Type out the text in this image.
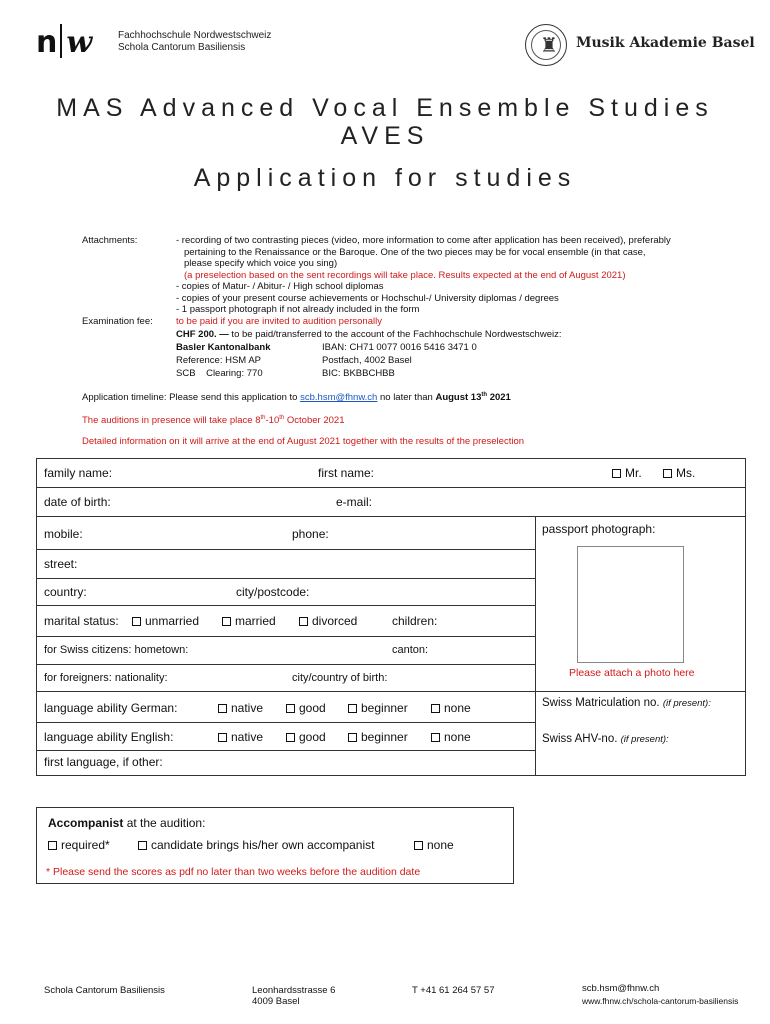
n w	Fachhochschule Nordwestschweiz
Schola Cantorum Basiliensis	♜ Musik Akademie Basel
MAS Advanced Vocal Ensemble Studies
AVES
Application for studies
Attachments:	- recording of two contrasting pieces (video, more information to come after application has been received), preferably
pertaining to the Renaissance or the Baroque. One of the two pieces may be for vocal ensemble (in that case,
please specify which voice you sing)
(a preselection based on the sent recordings will take place. Results expected at the end of August 2021)
- copies of Matur- / Abitur- / High school diplomas
- copies of your present course achievements or Hochschul-/ University diplomas / degrees
- 1 passport photograph if not already included in the form
Examination fee: to be paid if you are invited to audition personally
CHF 200. — to be paid/transferred to the account of the Fachhochschule Nordwestschweiz:
Basler Kantonalbank	IBAN: CH71 0077 0016 5416 3471 0
Reference: HSM AP	Postfach, 4002 Basel
SCB    Clearing: 770	BIC: BKBBCHBB
Application timeline: Please send this application to scb.hsm@fhnw.ch no later than August 13th 2021
The auditions in presence will take place 8th-10th October 2021
Detailed information on it will arrive at the end of August 2021 together with the results of the preselection
family name:	first name:	Mr.	Ms.
date of birth:	e-mail:
mobile:	phone:	passport photograph:
Please attach a photo here
street:
country:	city/postcode:
marital status:	unmarried	married	divorced	children:
for Swiss citizens: hometown:	canton:
for foreigners: nationality:	city/country of birth:
language ability German:	native	good	beginner	none	Swiss Matriculation no. (if present):
language ability English:	native	good	beginner	none	Swiss AHV-no. (if present):
first language, if other:
Accompanist at the audition:
required*	candidate brings his/her own accompanist	none
* Please send the scores as pdf no later than two weeks before the audition date
Schola Cantorum Basiliensis	Leonhardsstrasse 6
4009 Basel
T +41 61 264 57 57	scb.hsm@fhnw.ch
www.fhnw.ch/schola-cantorum-basiliensis
